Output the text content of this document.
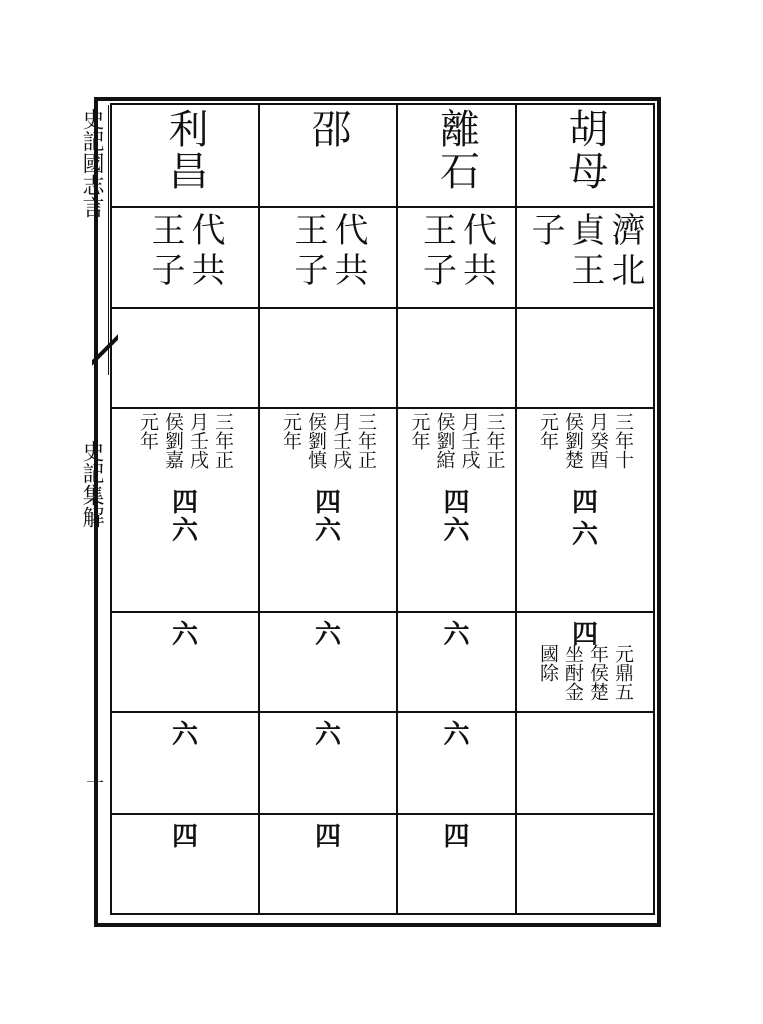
史記國志言
史記集解
十
利昌
代共
王子
三年正
月壬戌
侯劉嘉
元年
四
六
六
六
四
邵
代共
王子
三年正
月壬戌
侯劉慎
元年
四
六
六
六
四
離石
代共
王子
三年正
月壬戌
侯劉綰
元年
四
六
六
六
四
胡母
濟北
貞王
子
三年十
月癸酉
侯劉楚
元年
四
六
四
元鼎五
年侯楚
坐酎金
國除
